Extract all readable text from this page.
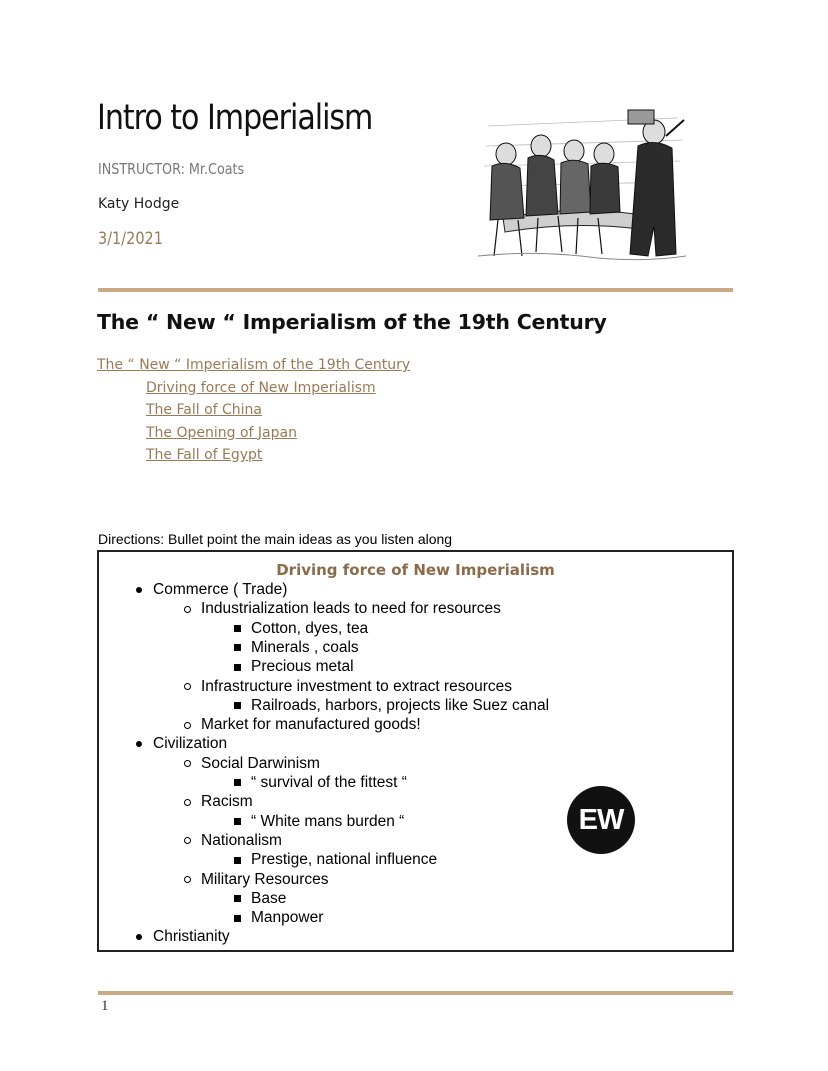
Intro to Imperialism
INSTRUCTOR: Mr.Coats
Katy Hodge
3/1/2021
The “ New “ Imperialism of the 19th Century
The “ New “ Imperialism of the 19th Century
Driving force of New Imperialism
The Fall of China
The Opening of Japan
The Fall of Egypt
Directions: Bullet point the main ideas as you listen along
Driving force of New Imperialism
Commerce ( Trade)
Industrialization leads to need for resources
Cotton, dyes, tea
Minerals , coals
Precious metal
Infrastructure investment to extract resources
Railroads, harbors, projects like Suez canal
Market for manufactured goods!
Civilization
Social Darwinism
“ survival of the fittest “
Racism
“ White mans burden “
Nationalism
Prestige, national influence
Military Resources
Base
Manpower
Christianity
EW
1
